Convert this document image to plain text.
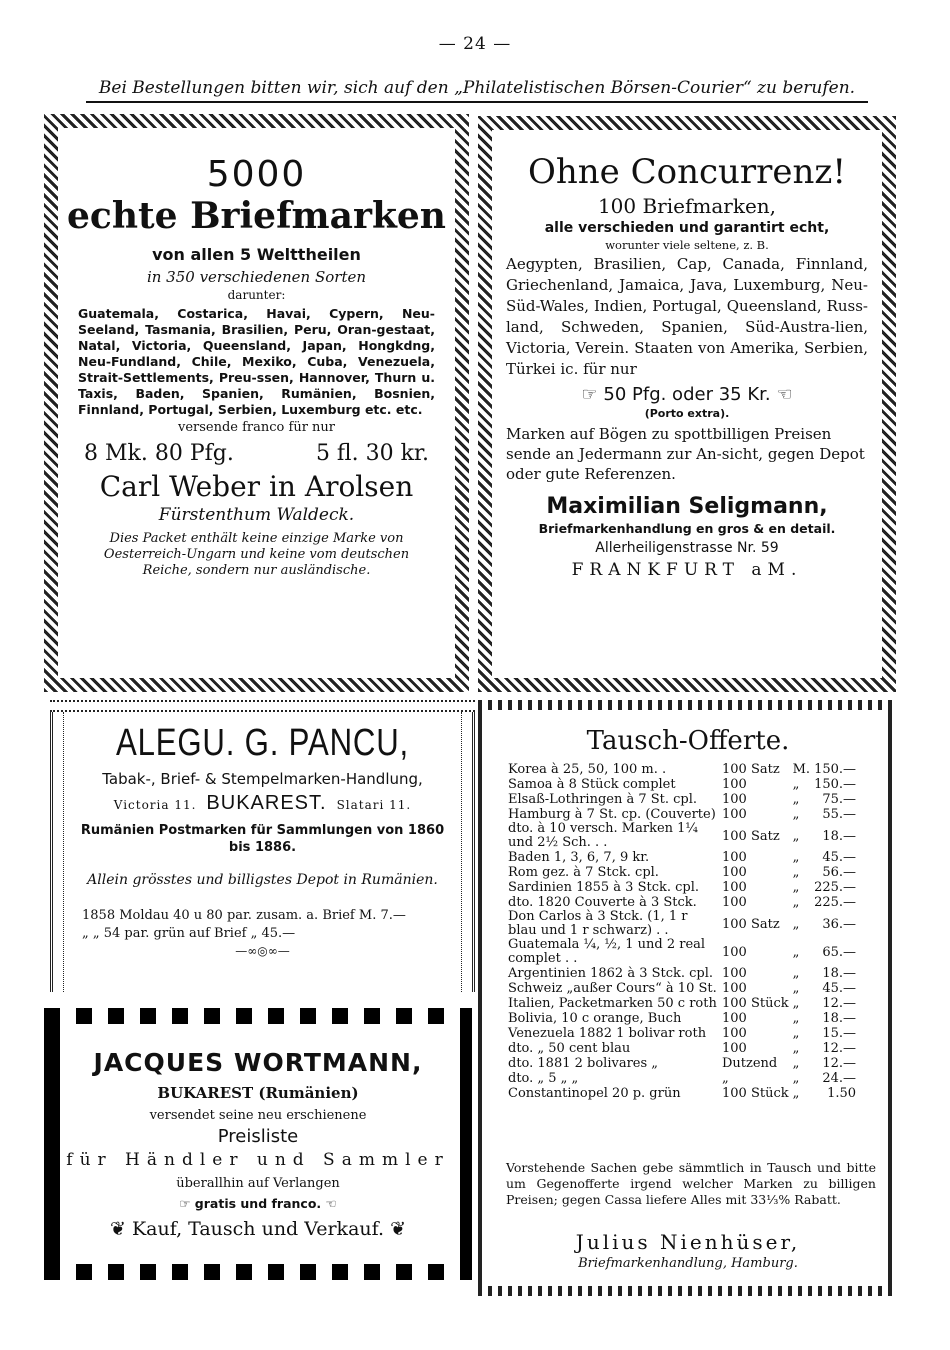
— 24 —
Bei Bestellungen bitten wir, sich auf den „Philatelistischen Börsen-Courier“ zu berufen.
5000
echte Briefmarken
von allen 5 Welttheilen
in 350 verschiedenen Sorten
darunter:
Guatemala, Costarica, Havai, Cypern, Neu-Seeland, Tasmania, Brasilien, Peru, Oran-gestaat, Natal, Victoria, Queensland, Japan, Hongkdng, Neu-Fundland, Chile, Mexiko, Cuba, Venezuela, Strait-Settlements, Preu-ssen, Hannover, Thurn u. Taxis, Baden, Spanien, Rumänien, Bosnien, Finnland, Portugal, Serbien, Luxemburg etc. etc.
versende franco für nur
8 Mk. 80 Pfg.	5 fl. 30 kr.
Carl Weber in Arolsen
Fürstenthum Waldeck.
Dies Packet enthält keine einzige Marke von Oesterreich-Ungarn und keine vom deutschen Reiche, sondern nur ausländische.
Ohne Concurrenz!
100 Briefmarken,
alle verschieden und garantirt echt,
worunter viele seltene, z. B.
Aegypten, Brasilien, Cap, Canada, Finnland, Griechenland, Jamaica, Java, Luxemburg, Neu-Süd-Wales, Indien, Portugal, Queensland, Russ-land, Schweden, Spanien, Süd-Austra-lien, Victoria, Verein. Staaten von Amerika, Serbien, Türkei ic. für nur
☞ 50 Pfg. oder 35 Kr. ☜
(Porto extra).
Marken auf Bögen zu spottbilligen Preisen sende an Jedermann zur An-sicht, gegen Depot oder gute Referenzen.
Maximilian Seligmann,
Briefmarkenhandlung en gros & en detail.
Allerheiligenstrasse Nr. 59
FRANKFURT aM.
ALEGU. G. PANCU,
Tabak-, Brief- & Stempelmarken-Handlung,
Victoria 11. BUKAREST. Slatari 11.
Rumänien Postmarken für Sammlungen von 1860 bis 1886.
Allein grösstes und billigstes Depot in Rumänien.
1858 Moldau 40 u 80 par. zusam. a. Brief M. 7.—
„ „ 54 par. grün auf Brief „ 45.—
—∞◎∞—
JACQUES WORTMANN,
BUKAREST (Rumänien)
versendet seine neu erschienene
Preisliste
für Händler und Sammler
überallhin auf Verlangen
☞ gratis und franco. ☜
❦ Kauf, Tausch und Verkauf. ❦
Tausch-Offerte.
Korea à 25, 50, 100 m. .	100 Satz	M.	150.—
Samoa à 8 Stück complet	100	„	150.—
Elsaß-Lothringen à 7 St. cpl.	100	„	75.—
Hamburg à 7 St. cp. (Couverte)	100	„	55.—
dto. à 10 versch. Marken 1¼ und 2½ Sch. . .	100 Satz	„	18.—
Baden 1, 3, 6, 7, 9 kr.	100	„	45.—
Rom gez. à 7 Stck. cpl.	100	„	56.—
Sardinien 1855 à 3 Stck. cpl.	100	„	225.—
dto. 1820 Couverte à 3 Stck.	100	„	225.—
Don Carlos à 3 Stck. (1, 1 r blau und 1 r schwarz) . .	100 Satz	„	36.—
Guatemala ¼, ½, 1 und 2 real complet . .	100	„	65.—
Argentinien 1862 à 3 Stck. cpl.	100	„	18.—
Schweiz „außer Cours“ à 10 St.	100	„	45.—
Italien, Packetmarken 50 c roth	100 Stück	„	12.—
Bolivia, 10 c orange, Buch	100	„	18.—
Venezuela 1882 1 bolivar roth	100	„	15.—
dto. „ 50 cent blau	100	„	12.—
dto. 1881 2 bolivares „	Dutzend	„	12.—
dto. „ 5 „ „	„	„	24.—
Constantinopel 20 p. grün	100 Stück	„	1.50
Vorstehende Sachen gebe sämmtlich in Tausch und bitte um Gegenofferte irgend welcher Marken zu billigen Preisen; gegen Cassa liefere Alles mit 33⅓% Rabatt.
Julius Nienhüser,
Briefmarkenhandlung, Hamburg.
